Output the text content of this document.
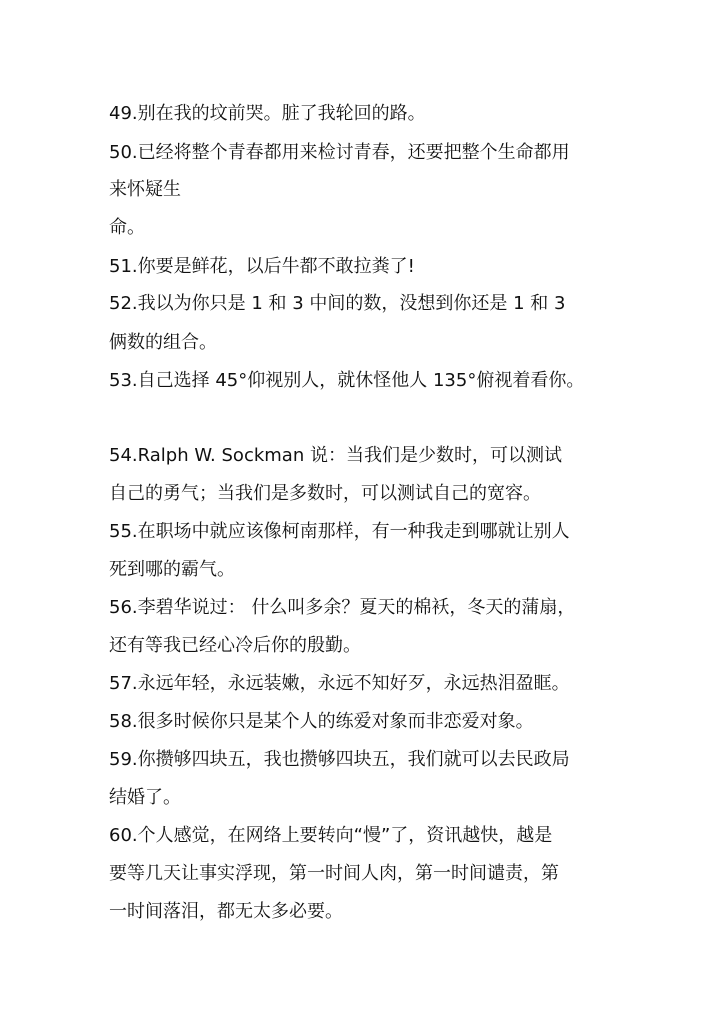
49.别在我的坟前哭。脏了我轮回的路。
50.已经将整个青春都用来检讨青春，还要把整个生命都用
来怀疑生
命。
51.你要是鲜花，以后牛都不敢拉粪了!
52.我以为你只是 1 和 3 中间的数，没想到你还是 1 和 3
俩数的组合。
53.自己选择 45°仰视别人，就休怪他人 135°俯视着看你。
54.Ralph W. Sockman 说：当我们是少数时，可以测试
自己的勇气；当我们是多数时，可以测试自己的宽容。
55.在职场中就应该像柯南那样，有一种我走到哪就让别人
死到哪的霸气。
56.李碧华说过： 什么叫多余？夏天的棉袄，冬天的蒲扇，
还有等我已经心冷后你的殷勤。
57.永远年轻，永远装嫩，永远不知好歹，永远热泪盈眶。
58.很多时候你只是某个人的练爱对象而非恋爱对象。
59.你攒够四块五，我也攒够四块五，我们就可以去民政局
结婚了。
60.个人感觉，在网络上要转向“慢”了，资讯越快，越是
要等几天让事实浮现，第一时间人肉，第一时间谴责，第
一时间落泪，都无太多必要。
